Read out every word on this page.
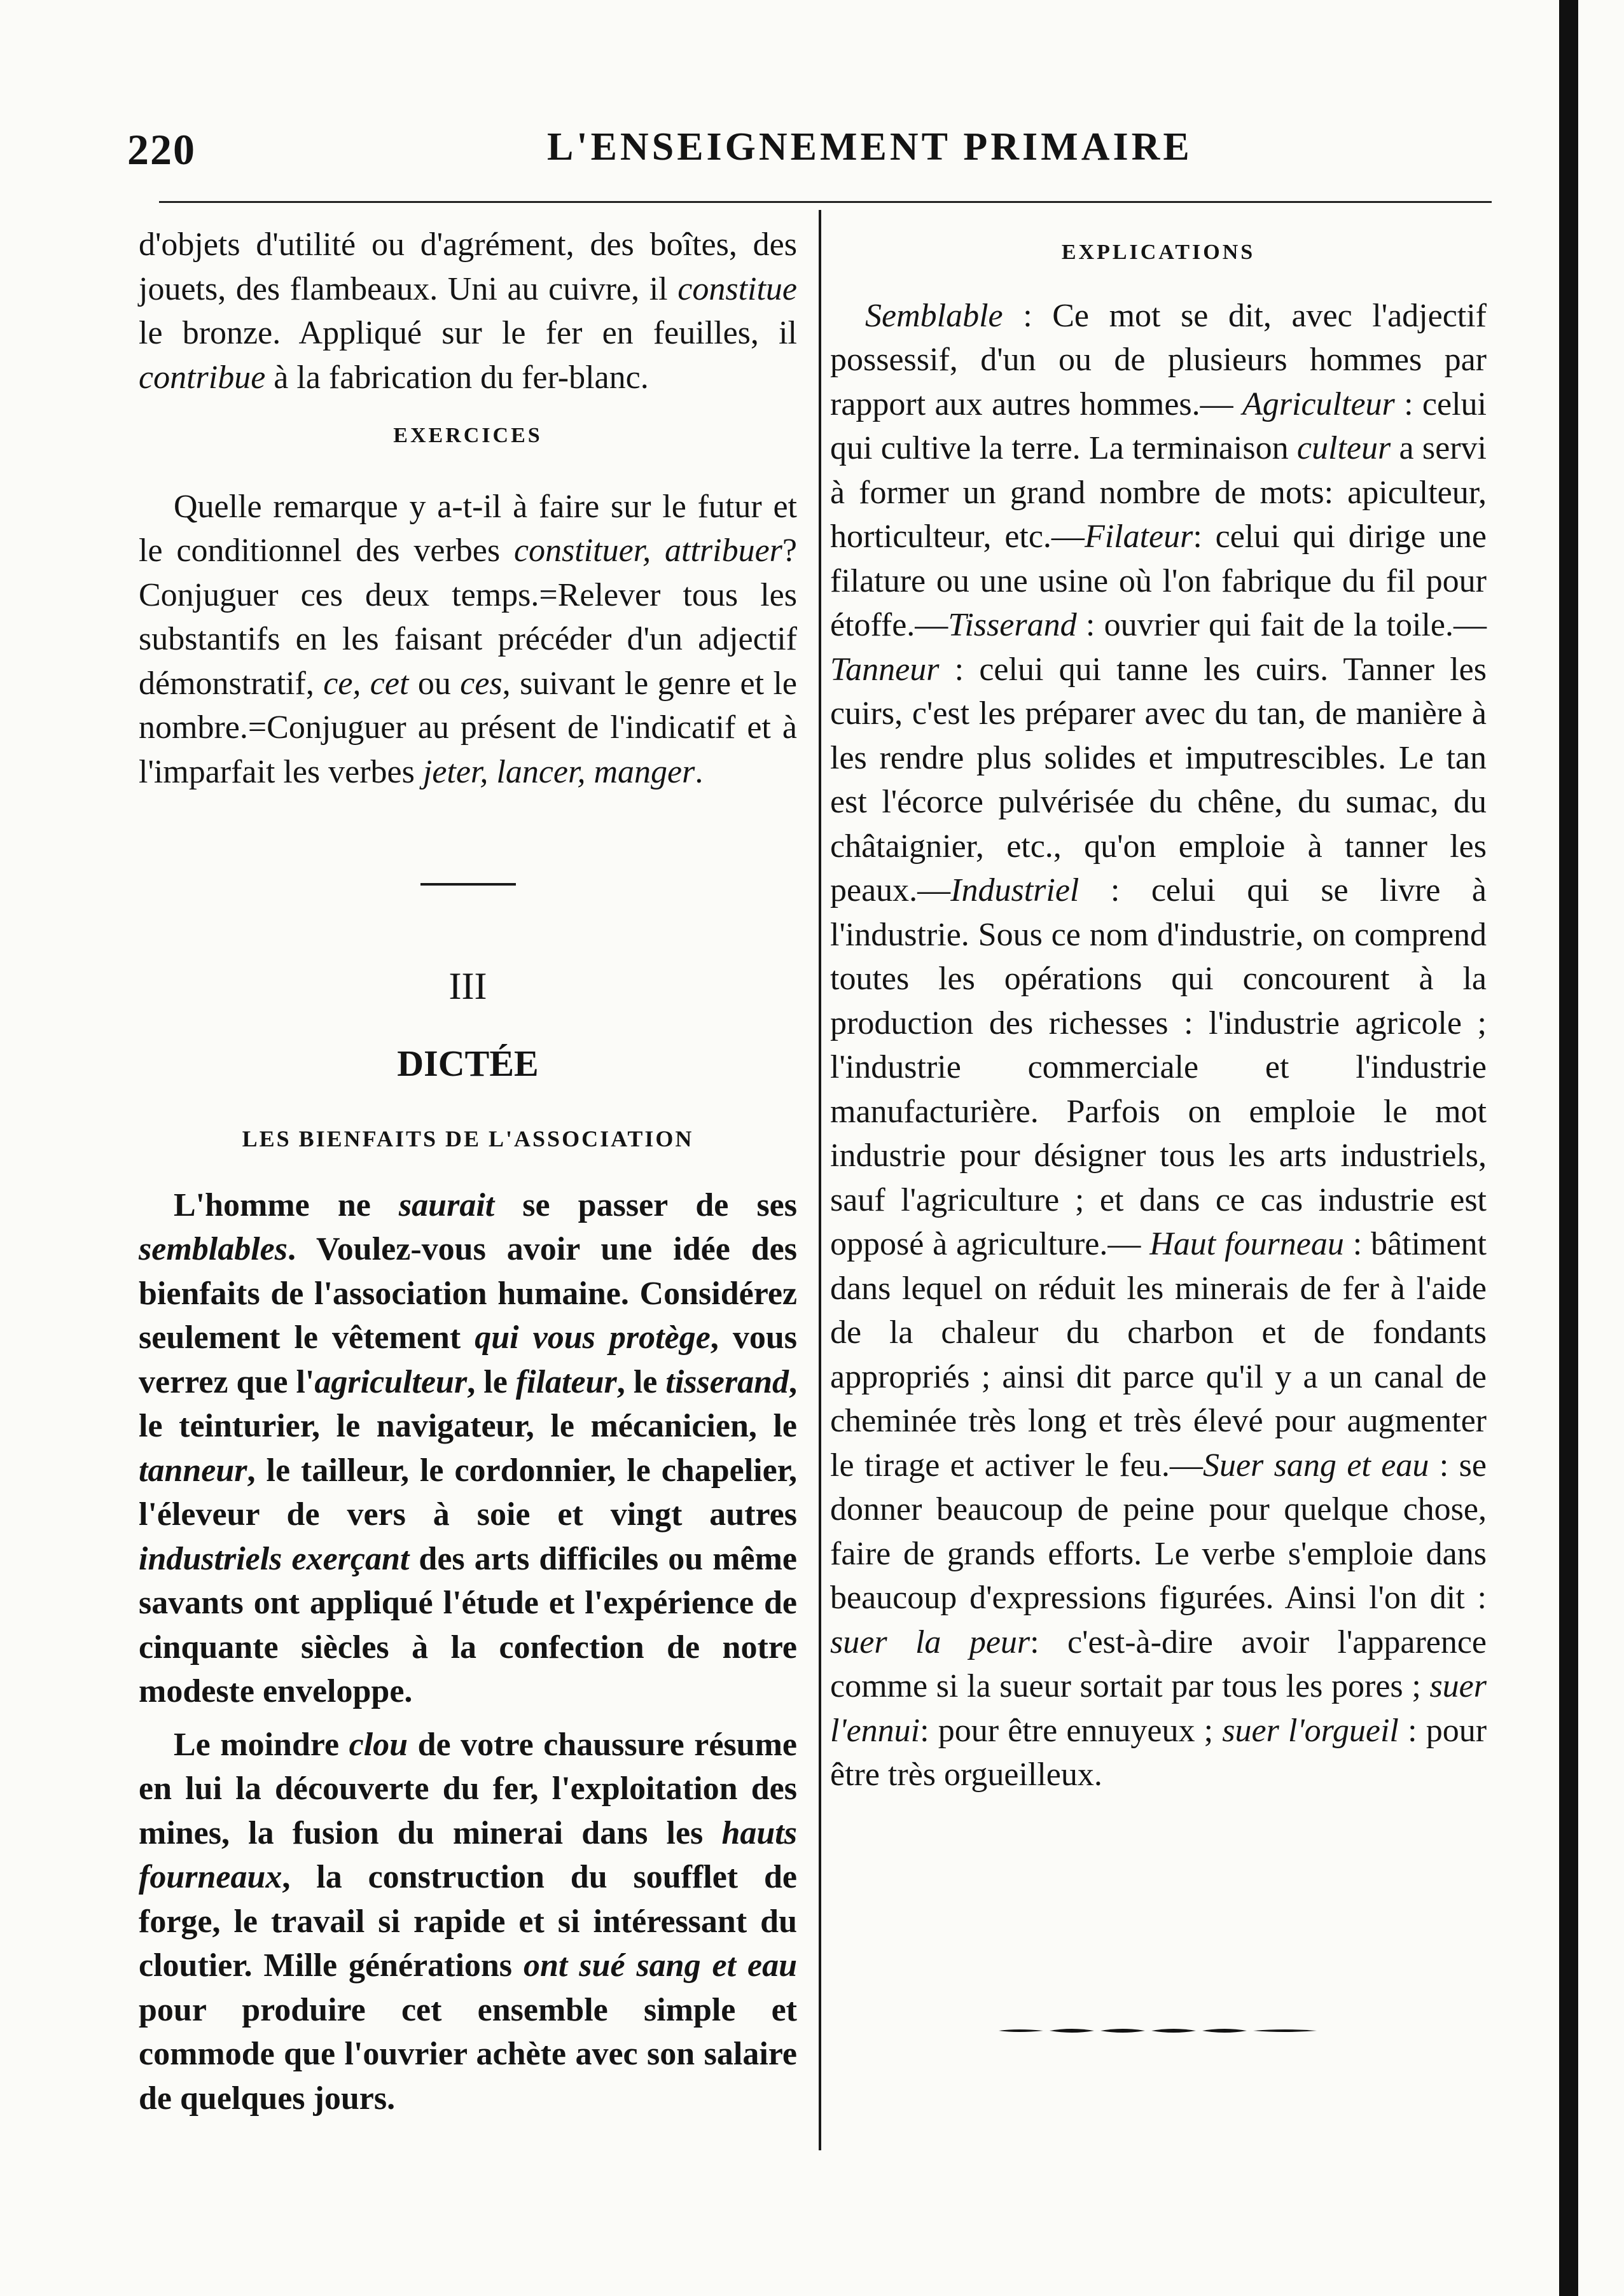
220	L'ENSEIGNEMENT PRIMAIRE

d'objets d'utilité ou d'agrément, des boîtes, des jouets, des flambeaux. Uni au cuivre, il constitue le bronze. Appliqué sur le fer en feuilles, il contribue à la fabrication du fer-blanc.

EXERCICES

Quelle remarque y a-t-il à faire sur le futur et le conditionnel des verbes constituer, attribuer? Conjuguer ces deux temps.=Relever tous les substantifs en les faisant précéder d'un adjectif démonstratif, ce, cet ou ces, suivant le genre et le nombre.=Conjuguer au présent de l'indicatif et à l'imparfait les verbes jeter, lancer, manger.

III
DICTÉE
LES BIENFAITS DE L'ASSOCIATION

L'homme ne saurait se passer de ses semblables. Voulez-vous avoir une idée des bienfaits de l'association humaine. Considérez seulement le vêtement qui vous protège, vous verrez que l'agriculteur, le filateur, le tisserand, le teinturier, le navigateur, le mécanicien, le tanneur, le tailleur, le cordonnier, le chapelier, l'éleveur de vers à soie et vingt autres industriels exerçant des arts difficiles ou même savants ont appliqué l'étude et l'expérience de cinquante siècles à la confection de notre modeste enveloppe.

Le moindre clou de votre chaussure résume en lui la découverte du fer, l'exploitation des mines, la fusion du minerai dans les hauts fourneaux, la construction du soufflet de forge, le travail si rapide et si intéressant du cloutier. Mille générations ont sué sang et eau pour produire cet ensemble simple et commode que l'ouvrier achète avec son salaire de quelques jours.

EXPLICATIONS

Semblable : Ce mot se dit, avec l'adjectif possessif, d'un ou de plusieurs hommes par rapport aux autres hommes.— Agriculteur : celui qui cultive la terre. La terminaison culteur a servi à former un grand nombre de mots: apiculteur, horticulteur, etc.—Filateur: celui qui dirige une filature ou une usine où l'on fabrique du fil pour étoffe.—Tisserand : ouvrier qui fait de la toile.—Tanneur : celui qui tanne les cuirs. Tanner les cuirs, c'est les préparer avec du tan, de manière à les rendre plus solides et imputrescibles. Le tan est l'écorce pulvérisée du chêne, du sumac, du châtaignier, etc., qu'on emploie à tanner les peaux.—Industriel : celui qui se livre à l'industrie. Sous ce nom d'industrie, on comprend toutes les opérations qui concourent à la production des richesses : l'industrie agricole ; l'industrie commerciale et l'industrie manufacturière. Parfois on emploie le mot industrie pour désigner tous les arts industriels, sauf l'agriculture ; et dans ce cas industrie est opposé à agriculture.— Haut fourneau : bâtiment dans lequel on réduit les minerais de fer à l'aide de la chaleur du charbon et de fondants appropriés ; ainsi dit parce qu'il y a un canal de cheminée très long et très élevé pour augmenter le tirage et activer le feu.—Suer sang et eau : se donner beaucoup de peine pour quelque chose, faire de grands efforts. Le verbe s'emploie dans beaucoup d'expressions figurées. Ainsi l'on dit : suer la peur: c'est-à-dire avoir l'apparence comme si la sueur sortait par tous les pores ; suer l'ennui: pour être ennuyeux ; suer l'orgueil : pour être très orgueilleux.
